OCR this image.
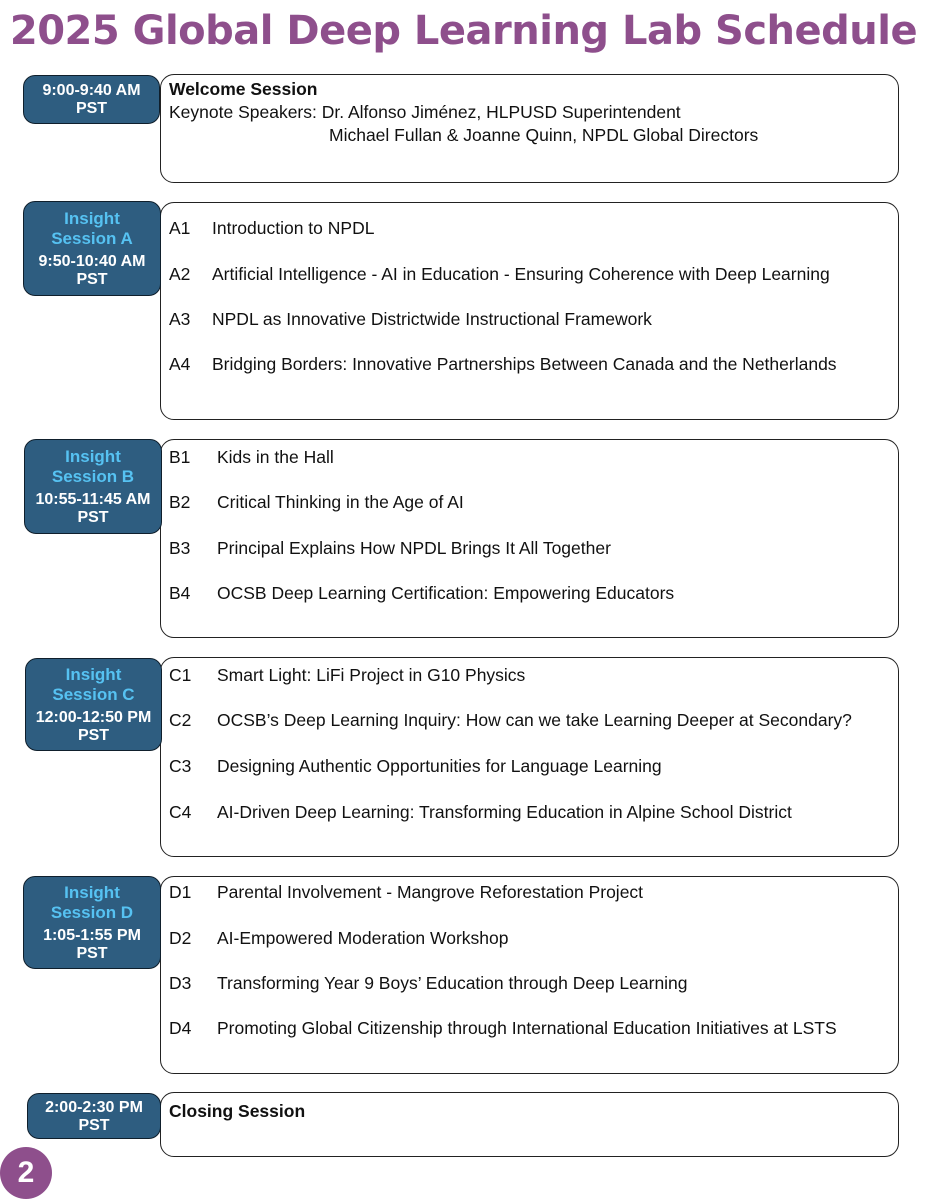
2025 Global Deep Learning Lab Schedule
9:00-9:40 AM
PST
Welcome Session
Keynote Speakers: Dr. Alfonso Jiménez, HLPUSD Superintendent
Michael Fullan & Joanne Quinn, NPDL Global Directors
Insight
Session A
9:50-10:40 AM
PST
A1 Introduction to NPDL
A2 Artificial Intelligence - AI in Education - Ensuring Coherence with Deep Learning
A3 NPDL as Innovative Districtwide Instructional Framework
A4 Bridging Borders: Innovative Partnerships Between Canada and the Netherlands
Insight
Session B
10:55-11:45 AM
PST
B1 Kids in the Hall
B2 Critical Thinking in the Age of AI
B3 Principal Explains How NPDL Brings It All Together
B4 OCSB Deep Learning Certification: Empowering Educators
Insight
Session C
12:00-12:50 PM
PST
C1 Smart Light: LiFi Project in G10 Physics
C2 OCSB’s Deep Learning Inquiry: How can we take Learning Deeper at Secondary?
C3 Designing Authentic Opportunities for Language Learning
C4 AI-Driven Deep Learning: Transforming Education in Alpine School District
Insight
Session D
1:05-1:55 PM
PST
D1 Parental Involvement - Mangrove Reforestation Project
D2 AI-Empowered Moderation Workshop
D3 Transforming Year 9 Boys’ Education through Deep Learning
D4 Promoting Global Citizenship through International Education Initiatives at LSTS
2:00-2:30 PM
PST
Closing Session
2
